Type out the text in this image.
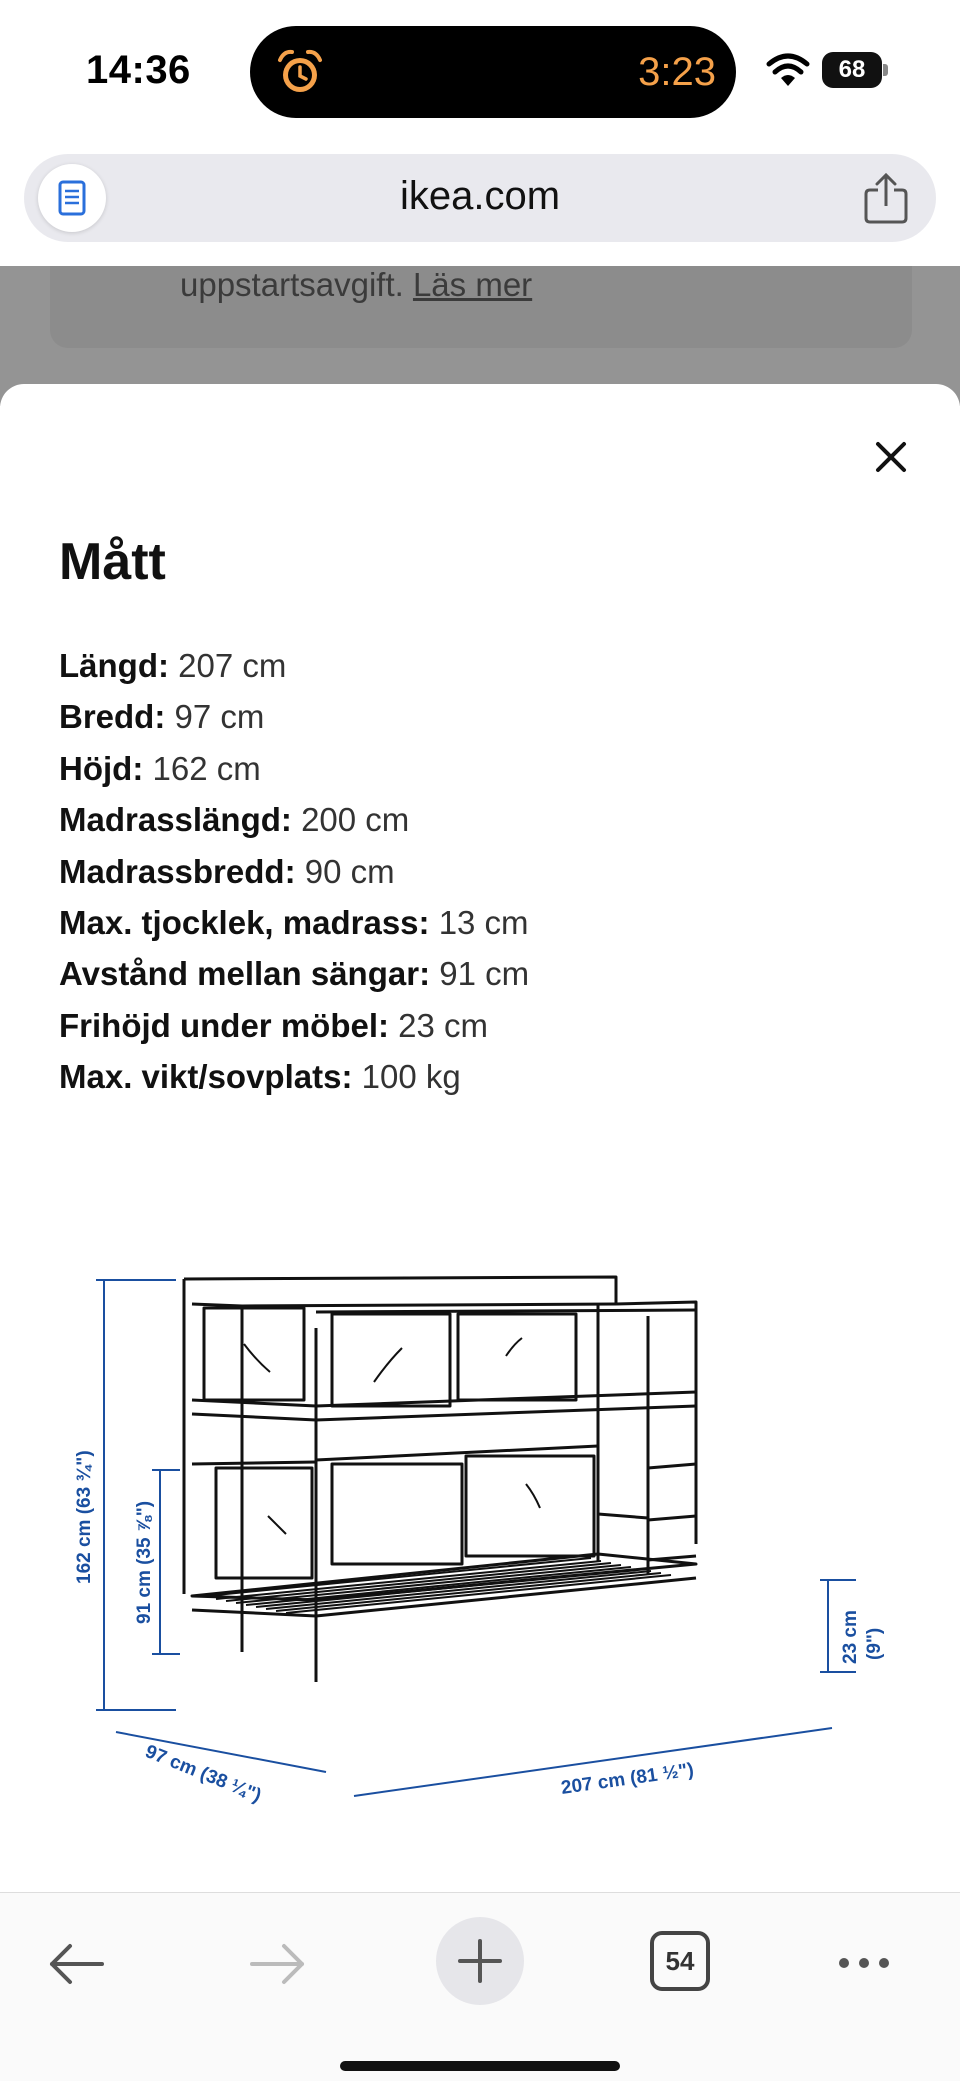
14:36	3:23	68
ikea.com
uppstartsavgift. Läs mer
Mått
Längd: 207 cm
Bredd: 97 cm
Höjd: 162 cm
Madrasslängd: 200 cm
Madrassbredd: 90 cm
Max. tjocklek, madrass: 13 cm
Avstånd mellan sängar: 91 cm
Frihöjd under möbel: 23 cm
Max. vikt/sovplats: 100 kg
162 cm (63 ¾") 91 cm (35 ⅞")
23 cm (9")
97 cm (38 ¼")	207 cm (81 ½")
54
